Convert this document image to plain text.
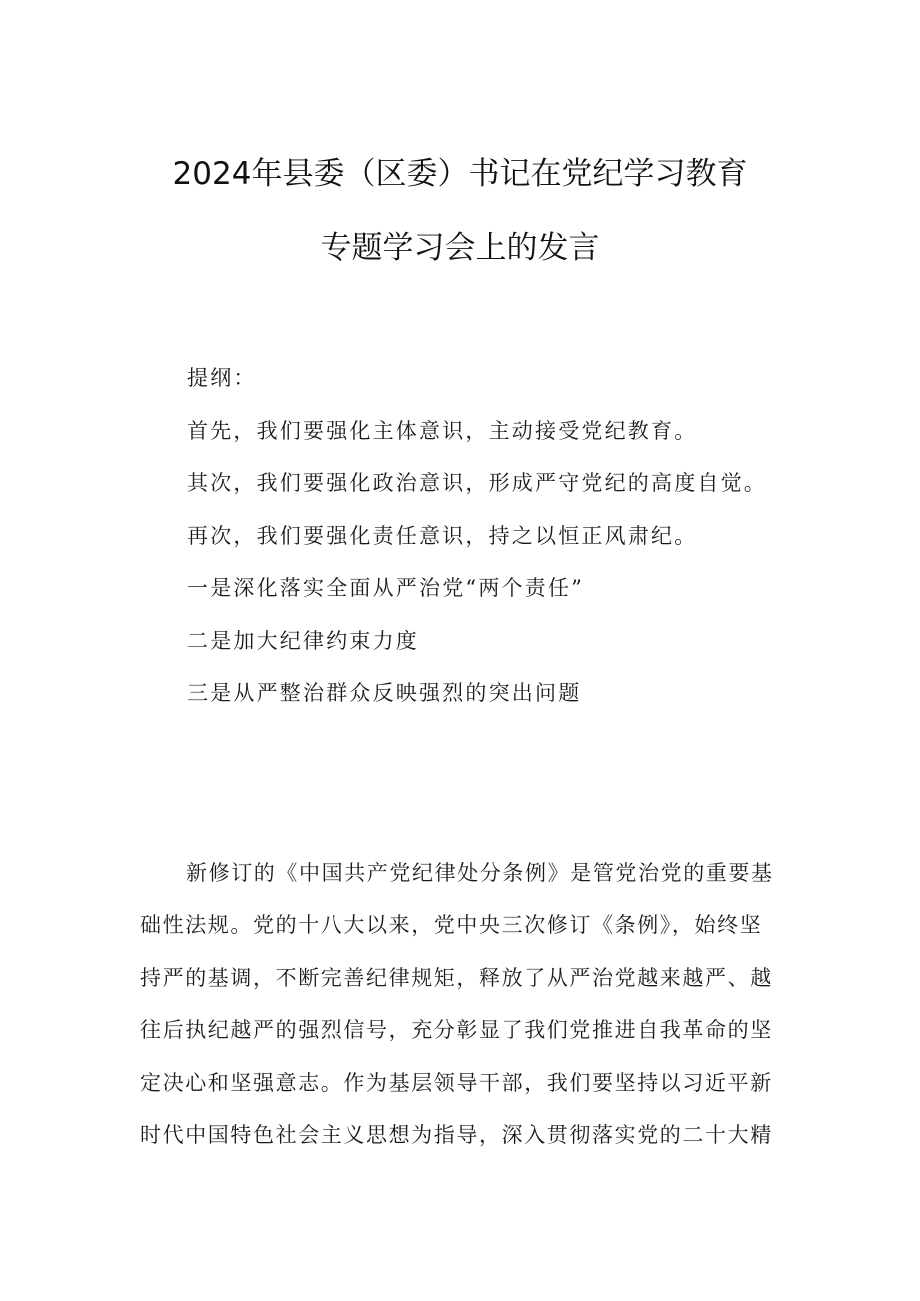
2024年县委（区委）书记在党纪学习教育
专题学习会上的发言
提纲：
首先，我们要强化主体意识，主动接受党纪教育。
其次，我们要强化政治意识，形成严守党纪的高度自觉。
再次，我们要强化责任意识，持之以恒正风肃纪。
一是深化落实全面从严治党“两个责任”
二是加大纪律约束力度
三是从严整治群众反映强烈的突出问题
新修订的《中国共产党纪律处分条例》是管党治党的重要基
础性法规。党的十八大以来，党中央三次修订《条例》，始终坚
持严的基调，不断完善纪律规矩，释放了从严治党越来越严、越
往后执纪越严的强烈信号，充分彰显了我们党推进自我革命的坚
定决心和坚强意志。作为基层领导干部，我们要坚持以习近平新
时代中国特色社会主义思想为指导，深入贯彻落实党的二十大精
